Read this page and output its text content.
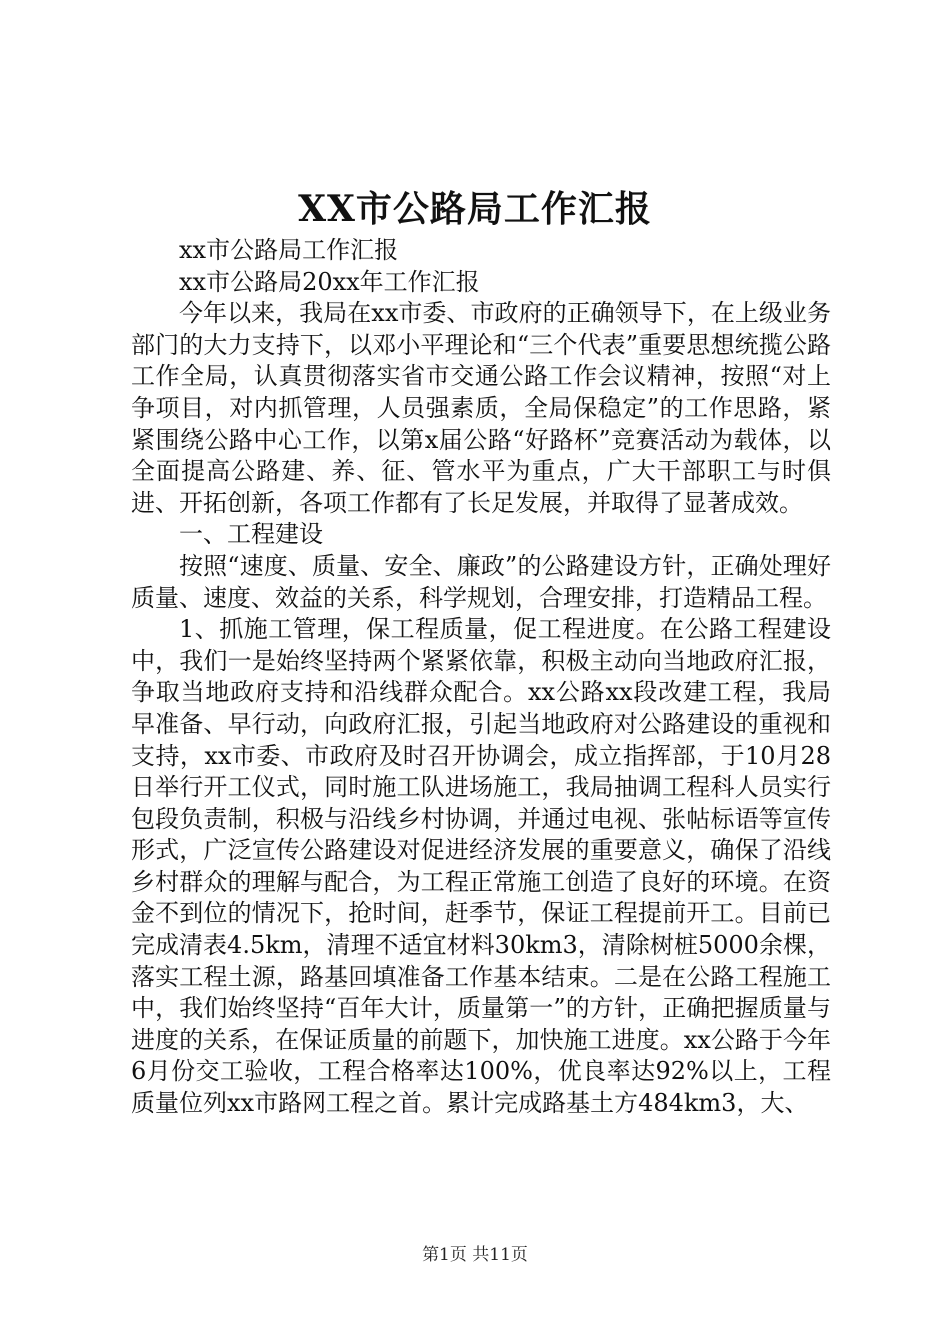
XX市公路局工作汇报

xx市公路局工作汇报

xx市公路局20xx年工作汇报

今年以来，我局在xx市委、市政府的正确领导下，在上级业务部门的大力支持下，以邓小平理论和“三个代表”重要思想统揽公路工作全局，认真贯彻落实省市交通公路工作会议精神，按照“对上争项目，对内抓管理，人员强素质，全局保稳定”的工作思路，紧紧围绕公路中心工作，以第x届公路“好路杯”竞赛活动为载体，以全面提高公路建、养、征、管水平为重点，广大干部职工与时俱进、开拓创新，各项工作都有了长足发展，并取得了显著成效。

一、工程建设

按照“速度、质量、安全、廉政”的公路建设方针，正确处理好质量、速度、效益的关系，科学规划，合理安排，打造精品工程。

1、抓施工管理，保工程质量，促工程进度。在公路工程建设中，我们一是始终坚持两个紧紧依靠，积极主动向当地政府汇报，争取当地政府支持和沿线群众配合。xx公路xx段改建工程，我局早准备、早行动，向政府汇报，引起当地政府对公路建设的重视和支持，xx市委、市政府及时召开协调会，成立指挥部，于10月28日举行开工仪式，同时施工队进场施工，我局抽调工程科人员实行包段负责制，积极与沿线乡村协调，并通过电视、张帖标语等宣传形式，广泛宣传公路建设对促进经济发展的重要意义，确保了沿线乡村群众的理解与配合，为工程正常施工创造了良好的环境。在资金不到位的情况下，抢时间，赶季节，保证工程提前开工。目前已完成清表4.5km，清理不适宜材料30km3，清除树桩5000余棵，落实工程土源，路基回填准备工作基本结束。二是在公路工程施工中，我们始终坚持“百年大计，质量第一”的方针，正确把握质量与进度的关系，在保证质量的前题下，加快施工进度。xx公路于今年6月份交工验收，工程合格率达100%，优良率达92%以上，工程质量位列xx市路网工程之首。累计完成路基土方484km3，大、

第1页 共11页
